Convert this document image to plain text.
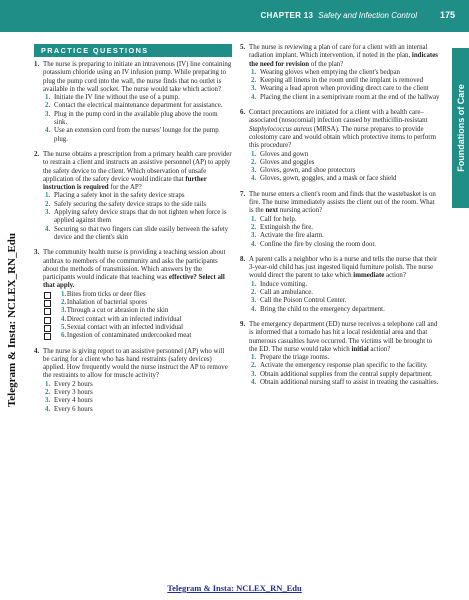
CHAPTER 13 Safety and Infection Control	175
Foundations of Care
Telegram & Insta: NCLEX_RN_Edu
PRACTICE QUESTIONS
1. The nurse is preparing to initiate an intravenous (IV) line containing potassium chloride using an IV infusion pump. While preparing to plug the pump cord into the wall, the nurse finds that no outlet is available in the wall socket. The nurse would take which action?
1. Initiate the IV line without the use of a pump.
2. Contact the electrical maintenance department for assistance.
3. Plug in the pump cord in the available plug above the room sink.
4. Use an extension cord from the nurses' lounge for the pump plug.
2. The nurse obtains a prescription from a primary health care provider to restrain a client and instructs an assistive personnel (AP) to apply the safety device to the client. Which observation of unsafe application of the safety device would indicate that further instruction is required for the AP?
1. Placing a safety knot in the safety device straps
2. Safely securing the safety device straps to the side rails
3. Applying safety device straps that do not tighten when force is applied against them
4. Securing so that two fingers can slide easily between the safety device and the client's skin
3. The community health nurse is providing a teaching session about anthrax to members of the community and asks the participants about the methods of transmission. Which answers by the participants would indicate that teaching was effective? Select all that apply.
1. Bites from ticks or deer flies
2. Inhalation of bacterial spores
3. Through a cut or abrasion in the skin
4. Direct contact with an infected individual
5. Sexual contact with an infected individual
6. Ingestion of contaminated undercooked meat
4. The nurse is giving report to an assistive personnel (AP) who will be caring for a client who has hand restraints (safety devices) applied. How frequently would the nurse instruct the AP to remove the restraints to allow for muscle activity?
1. Every 2 hours
2. Every 3 hours
3. Every 4 hours
4. Every 6 hours
5. The nurse is reviewing a plan of care for a client with an internal radiation implant. Which intervention, if noted in the plan, indicates the need for revision of the plan?
1. Wearing gloves when emptying the client's bedpan
2. Keeping all linens in the room until the implant is removed
3. Wearing a lead apron when providing direct care to the client
4. Placing the client in a semiprivate room at the end of the hallway
6. Contact precautions are initiated for a client with a health care–associated (nosocomial) infection caused by methicillin-resistant Staphylococcus aureus (MRSA). The nurse prepares to provide colostomy care and would obtain which protective items to perform this procedure?
1. Gloves and gown
2. Gloves and goggles
3. Gloves, gown, and shoe protectors
4. Gloves, gown, goggles, and a mask or face shield
7. The nurse enters a client's room and finds that the wastebasket is on fire. The nurse immediately assists the client out of the room. What is the next nursing action?
1. Call for help.
2. Extinguish the fire.
3. Activate the fire alarm.
4. Confine the fire by closing the room door.
8. A parent calls a neighbor who is a nurse and tells the nurse that their 3-year-old child has just ingested liquid furniture polish. The nurse would direct the parent to take which immediate action?
1. Induce vomiting.
2. Call an ambulance.
3. Call the Poison Control Center.
4. Bring the child to the emergency department.
9. The emergency department (ED) nurse receives a telephone call and is informed that a tornado has hit a local residential area and that numerous casualties have occurred. The victims will be brought to the ED. The nurse would take which initial action?
1. Prepare the triage rooms.
2. Activate the emergency response plan specific to the facility.
3. Obtain additional supplies from the central supply department.
4. Obtain additional nursing staff to assist in treating the casualties.
Telegram & Insta: NCLEX_RN_Edu
